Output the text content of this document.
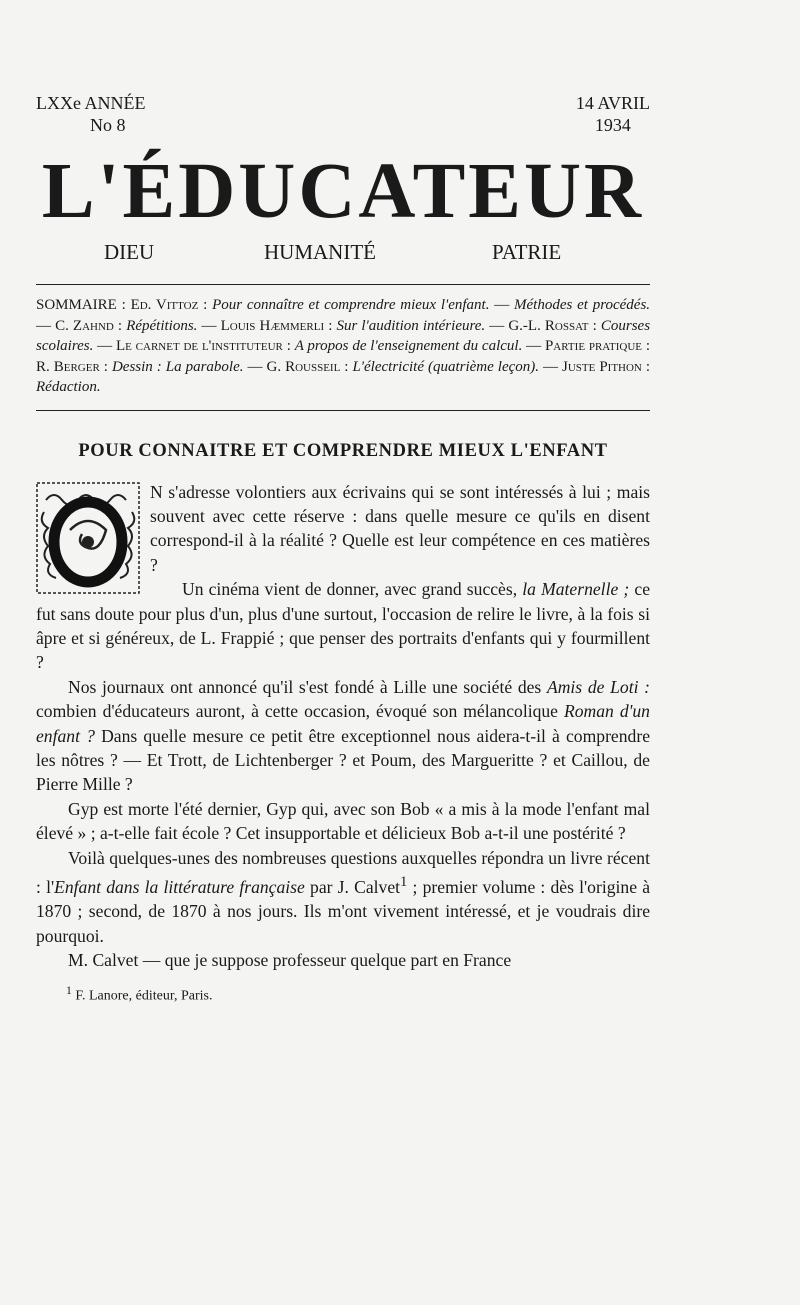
LXXe ANNÉE
No 8
14 AVRIL
1934
L'ÉDUCATEUR
DIEU	HUMANITÉ	PATRIE
SOMMAIRE : Ed. Vittoz : Pour connaître et comprendre mieux l'enfant. — Méthodes et procédés. — C. Zahnd : Répétitions. — Louis Hæmmerli : Sur l'audition intérieure. — G.-L. Rossat : Courses scolaires. — Le carnet de l'instituteur : A propos de l'enseignement du calcul. — Partie pratique : R. Berger : Dessin : La parabole. — G. Rousseil : L'électricité (quatrième leçon). — Juste Pithon : Rédaction.
POUR CONNAITRE ET COMPRENDRE MIEUX L'ENFANT
O

N s'adresse volontiers aux écrivains qui se sont intéressés à lui ; mais souvent avec cette réserve : dans quelle mesure ce qu'ils en disent correspond-il à la réalité ? Quelle est leur compétence en ces matières ?

Un cinéma vient de donner, avec grand succès, la Maternelle ; ce fut sans doute pour plus d'un, plus d'une surtout, l'occasion de relire le livre, à la fois si âpre et si généreux, de L. Frappié ; que penser des portraits d'enfants qui y fourmillent ?

Nos journaux ont annoncé qu'il s'est fondé à Lille une société des Amis de Loti : combien d'éducateurs auront, à cette occasion, évoqué son mélancolique Roman d'un enfant ? Dans quelle mesure ce petit être exceptionnel nous aidera-t-il à comprendre les nôtres ? — Et Trott, de Lichtenberger ? et Poum, des Margueritte ? et Caillou, de Pierre Mille ?

Gyp est morte l'été dernier, Gyp qui, avec son Bob « a mis à la mode l'enfant mal élevé » ; a-t-elle fait école ? Cet insupportable et délicieux Bob a-t-il une postérité ?

Voilà quelques-unes des nombreuses questions auxquelles répondra un livre récent : l'Enfant dans la littérature française par J. Calvet$^1$ ; premier volume : dès l'origine à 1870 ; second, de 1870 à nos jours. Ils m'ont vivement intéressé, et je voudrais dire pourquoi.

M. Calvet — que je suppose professeur quelque part en France

$^1$ F. Lanore, éditeur, Paris.
